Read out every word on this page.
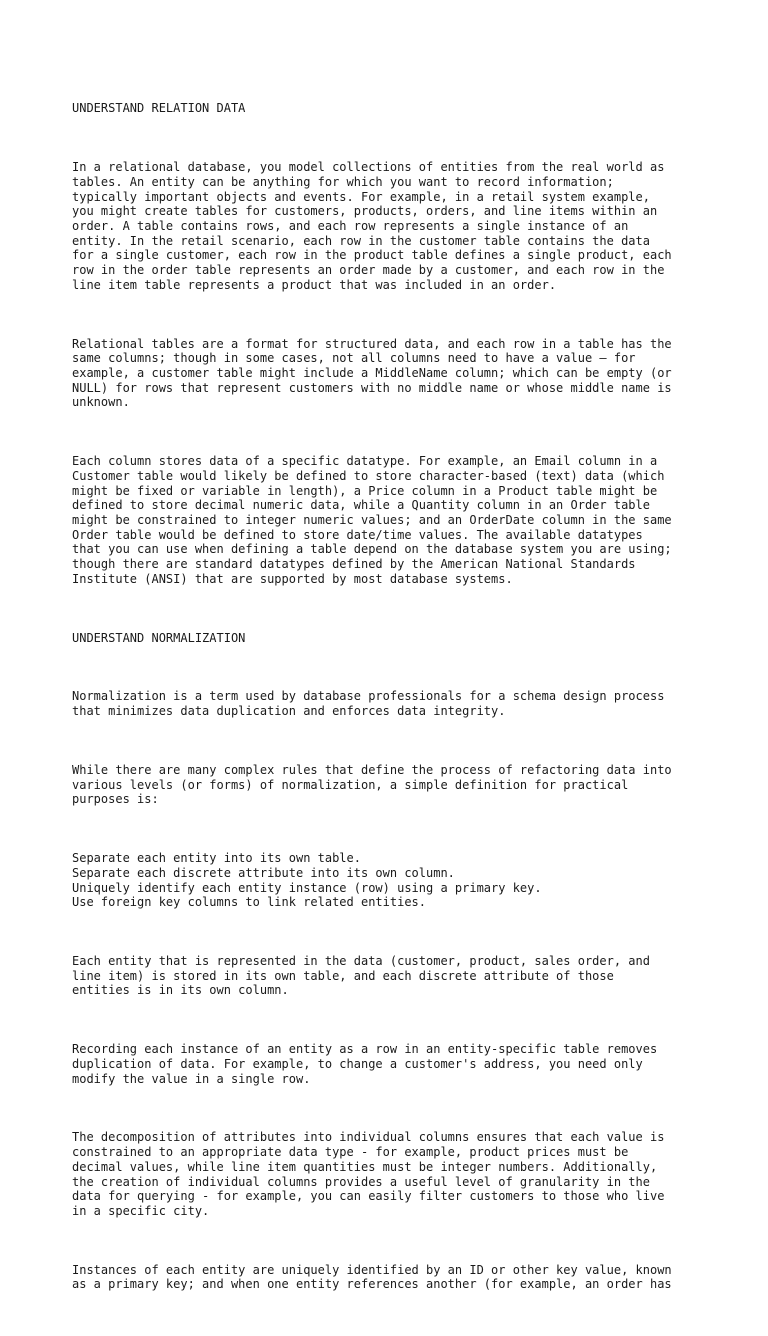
UNDERSTAND RELATION DATA

In a relational database, you model collections of entities from the real world as
tables. An entity can be anything for which you want to record information;
typically important objects and events. For example, in a retail system example,
you might create tables for customers, products, orders, and line items within an
order. A table contains rows, and each row represents a single instance of an
entity. In the retail scenario, each row in the customer table contains the data
for a single customer, each row in the product table defines a single product, each
row in the order table represents an order made by a customer, and each row in the
line item table represents a product that was included in an order.

Relational tables are a format for structured data, and each row in a table has the
same columns; though in some cases, not all columns need to have a value – for
example, a customer table might include a MiddleName column; which can be empty (or
NULL) for rows that represent customers with no middle name or whose middle name is
unknown.

Each column stores data of a specific datatype. For example, an Email column in a
Customer table would likely be defined to store character-based (text) data (which
might be fixed or variable in length), a Price column in a Product table might be
defined to store decimal numeric data, while a Quantity column in an Order table
might be constrained to integer numeric values; and an OrderDate column in the same
Order table would be defined to store date/time values. The available datatypes
that you can use when defining a table depend on the database system you are using;
though there are standard datatypes defined by the American National Standards
Institute (ANSI) that are supported by most database systems.

UNDERSTAND NORMALIZATION

Normalization is a term used by database professionals for a schema design process
that minimizes data duplication and enforces data integrity.

While there are many complex rules that define the process of refactoring data into
various levels (or forms) of normalization, a simple definition for practical
purposes is:

Separate each entity into its own table.
Separate each discrete attribute into its own column.
Uniquely identify each entity instance (row) using a primary key.
Use foreign key columns to link related entities.

Each entity that is represented in the data (customer, product, sales order, and
line item) is stored in its own table, and each discrete attribute of those
entities is in its own column.

Recording each instance of an entity as a row in an entity-specific table removes
duplication of data. For example, to change a customer's address, you need only
modify the value in a single row.

The decomposition of attributes into individual columns ensures that each value is
constrained to an appropriate data type - for example, product prices must be
decimal values, while line item quantities must be integer numbers. Additionally,
the creation of individual columns provides a useful level of granularity in the
data for querying - for example, you can easily filter customers to those who live
in a specific city.

Instances of each entity are uniquely identified by an ID or other key value, known
as a primary key; and when one entity references another (for example, an order has
